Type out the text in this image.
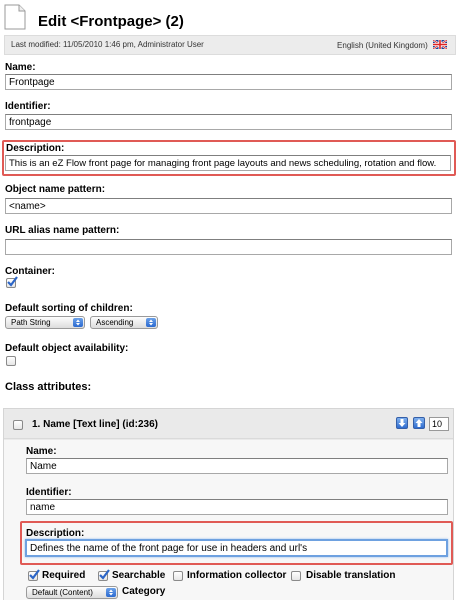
Edit <Frontpage> (2)
Last modified: 11/05/2010 1:46 pm, Administrator User	English (United Kingdom)
Name:
Frontpage
Identifier:
frontpage
Description:
This is an eZ Flow front page for managing front page layouts and news scheduling, rotation and flow.
Object name pattern:
<name>
URL alias name pattern:
Container:
Default sorting of children:
Path String	Ascending
Default object availability:
Class attributes:
1. Name [Text line] (id:236)	10
Name:
Name
Identifier:
name
Description:
Defines the name of the front page for use in headers and url's
Required	Searchable Information collector Disable translation
Default (Content)	Category
